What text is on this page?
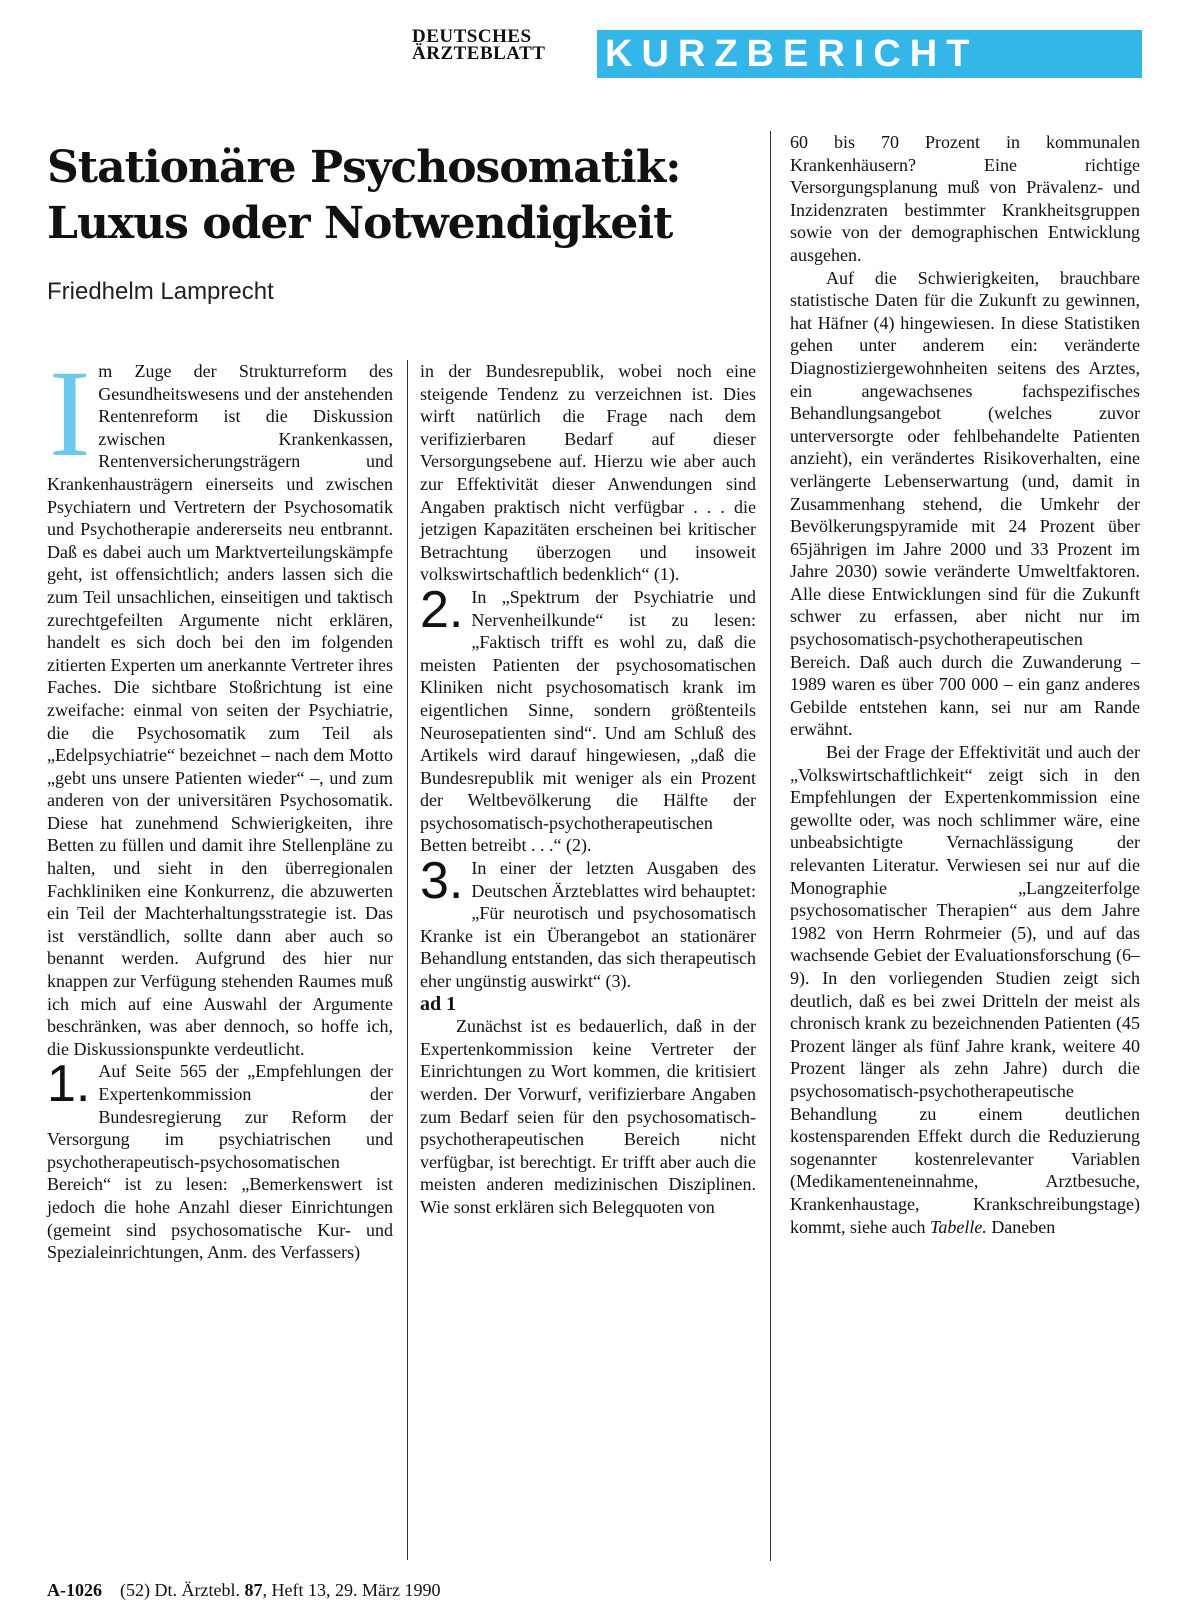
DEUTSCHES
ÄRZTEBLATT KURZBERICHT
Stationäre Psychosomatik:
Luxus oder Notwendigkeit
Friedhelm Lamprecht

Im Zuge der Strukturreform des Gesundheitswesens und der anstehenden Rentenreform ist die Diskussion zwischen Krankenkassen, Rentenversicherungsträgern und Krankenhausträgern einerseits und zwischen Psychiatern und Vertretern der Psychosomatik und Psychotherapie andererseits neu entbrannt. Daß es dabei auch um Marktverteilungskämpfe geht, ist offensichtlich; anders lassen sich die zum Teil unsachlichen, einseitigen und taktisch zurechtgefeilten Argumente nicht erklären, handelt es sich doch bei den im folgenden zitierten Experten um anerkannte Vertreter ihres Faches. Die sichtbare Stoßrichtung ist eine zweifache: einmal von seiten der Psychiatrie, die die Psychosomatik zum Teil als „Edelpsychiatrie“ bezeichnet – nach dem Motto „gebt uns unsere Patienten wieder“ –, und zum anderen von der universitären Psychosomatik. Diese hat zunehmend Schwierigkeiten, ihre Betten zu füllen und damit ihre Stellenpläne zu halten, und sieht in den überregionalen Fachkliniken eine Konkurrenz, die abzuwerten ein Teil der Machterhaltungsstrategie ist. Das ist verständlich, sollte dann aber auch so benannt werden. Aufgrund des hier nur knappen zur Verfügung stehenden Raumes muß ich mich auf eine Auswahl der Argumente beschränken, was aber dennoch, so hoffe ich, die Diskussionspunkte verdeutlicht.

1. Auf Seite 565 der „Empfehlungen der Expertenkommission der Bundesregierung zur Reform der Versorgung im psychiatrischen und psychotherapeutisch-psychosomatischen Bereich“ ist zu lesen: „Bemerkenswert ist jedoch die hohe Anzahl dieser Einrichtungen (gemeint sind psychosomatische Kur- und Spezialeinrichtungen, Anm. des Verfassers)

in der Bundesrepublik, wobei noch eine steigende Tendenz zu verzeichnen ist. Dies wirft natürlich die Frage nach dem verifizierbaren Bedarf auf dieser Versorgungsebene auf. Hierzu wie aber auch zur Effektivität dieser Anwendungen sind Angaben praktisch nicht verfügbar . . . die jetzigen Kapazitäten erscheinen bei kritischer Betrachtung überzogen und insoweit volkswirtschaftlich bedenklich“ (1).

2. In „Spektrum der Psychiatrie und Nervenheilkunde“ ist zu lesen: „Faktisch trifft es wohl zu, daß die meisten Patienten der psychosomatischen Kliniken nicht psychosomatisch krank im eigentlichen Sinne, sondern größtenteils Neurosepatienten sind“. Und am Schluß des Artikels wird darauf hingewiesen, „daß die Bundesrepublik mit weniger als ein Prozent der Weltbevölkerung die Hälfte der psychosomatisch-psychotherapeutischen Betten betreibt . . .“ (2).

3. In einer der letzten Ausgaben des Deutschen Ärzteblattes wird behauptet: „Für neurotisch und psychosomatisch Kranke ist ein Überangebot an stationärer Behandlung entstanden, das sich therapeutisch eher ungünstig auswirkt“ (3).

ad 1

Zunächst ist es bedauerlich, daß in der Expertenkommission keine Vertreter der Einrichtungen zu Wort kommen, die kritisiert werden. Der Vorwurf, verifizierbare Angaben zum Bedarf seien für den psychosomatisch-psychotherapeutischen Bereich nicht verfügbar, ist berechtigt. Er trifft aber auch die meisten anderen medizinischen Disziplinen. Wie sonst erklären sich Belegquoten von

60 bis 70 Prozent in kommunalen Krankenhäusern? Eine richtige Versorgungsplanung muß von Prävalenz- und Inzidenzraten bestimmter Krankheitsgruppen sowie von der demographischen Entwicklung ausgehen.

Auf die Schwierigkeiten, brauchbare statistische Daten für die Zukunft zu gewinnen, hat Häfner (4) hingewiesen. In diese Statistiken gehen unter anderem ein: veränderte Diagnostiziergewohnheiten seitens des Arztes, ein angewachsenes fachspezifisches Behandlungsangebot (welches zuvor unterversorgte oder fehlbehandelte Patienten anzieht), ein verändertes Risikoverhalten, eine verlängerte Lebenserwartung (und, damit in Zusammenhang stehend, die Umkehr der Bevölkerungspyramide mit 24 Prozent über 65jährigen im Jahre 2000 und 33 Prozent im Jahre 2030) sowie veränderte Umweltfaktoren. Alle diese Entwicklungen sind für die Zukunft schwer zu erfassen, aber nicht nur im psychosomatisch-psychotherapeutischen Bereich. Daß auch durch die Zuwanderung – 1989 waren es über 700 000 – ein ganz anderes Gebilde entstehen kann, sei nur am Rande erwähnt.

Bei der Frage der Effektivität und auch der „Volkswirtschaftlichkeit“ zeigt sich in den Empfehlungen der Expertenkommission eine gewollte oder, was noch schlimmer wäre, eine unbeabsichtigte Vernachlässigung der relevanten Literatur. Verwiesen sei nur auf die Monographie „Langzeiterfolge psychosomatischer Therapien“ aus dem Jahre 1982 von Herrn Rohrmeier (5), und auf das wachsende Gebiet der Evaluationsforschung (6–9). In den vorliegenden Studien zeigt sich deutlich, daß es bei zwei Dritteln der meist als chronisch krank zu bezeichnenden Patienten (45 Prozent länger als fünf Jahre krank, weitere 40 Prozent länger als zehn Jahre) durch die psychosomatisch-psychotherapeutische Behandlung zu einem deutlichen kostensparenden Effekt durch die Reduzierung sogenannter kostenrelevanter Variablen (Medikamenteneinnahme, Arztbesuche, Krankenhaustage, Krankschreibungstage) kommt, siehe auch Tabelle. Daneben

A-1026 (52) Dt. Ärztebl. 87, Heft 13, 29. März 1990
